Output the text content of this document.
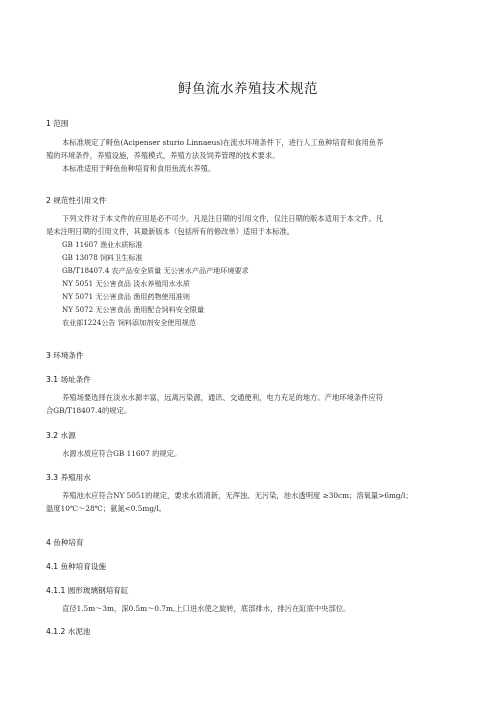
鲟鱼流水养殖技术规范
1 范围
本标准规定了鲟鱼(Acipenser sturio Linnaeus)在流水环境条件下，进行人工鱼种培育和食用鱼养
殖的环境条件，养殖设施，养殖模式，养殖方法及饲养管理的技术要求。
本标准适用于鲟鱼鱼种培育和食用鱼流水养殖。
2 规范性引用文件
下列文件对于本文件的应用是必不可少。凡是注日期的引用文件，仅注日期的版本适用于本文件。凡
是未注明日期的引用文件，其最新版本（包括所有的修改单）适用于本标准。
GB 11607 渔业水质标准
GB 13078 饲料卫生标准
GB/T18407.4 农产品安全质量 无公害水产品产地环境要求
NY 5051 无公害食品 淡水养殖用水水质
NY 5071 无公害食品 渔用药物使用准则
NY 5072 无公害食品 渔用配合饲料安全限量
农业部1224公告 饲料添加剂安全使用规范
3 环境条件
3.1 场址条件
养殖场要选择在淡水水源丰富，远离污染源，通讯、交通便利，电力充足的地方。产地环境条件应符
合GB/T18407.4的规定。
3.2 水源
水源水质应符合GB 11607 的规定。
3.3 养殖用水
养殖池水应符合NY 5051的规定，要求水质清新，无浑浊、无污染，池水透明度 ≥30cm；溶氧量>6mg/l；
温度10℃～28℃；氨氮<0.5mg/l。
4 鱼种培育
4.1 鱼种培育设施
4.1.1 圆形玻璃钢培育缸
直径1.5m～3m，深0.5m～0.7m,上口进水使之旋转，底部排水，排污在缸底中央部位。
4.1.2 水泥池
